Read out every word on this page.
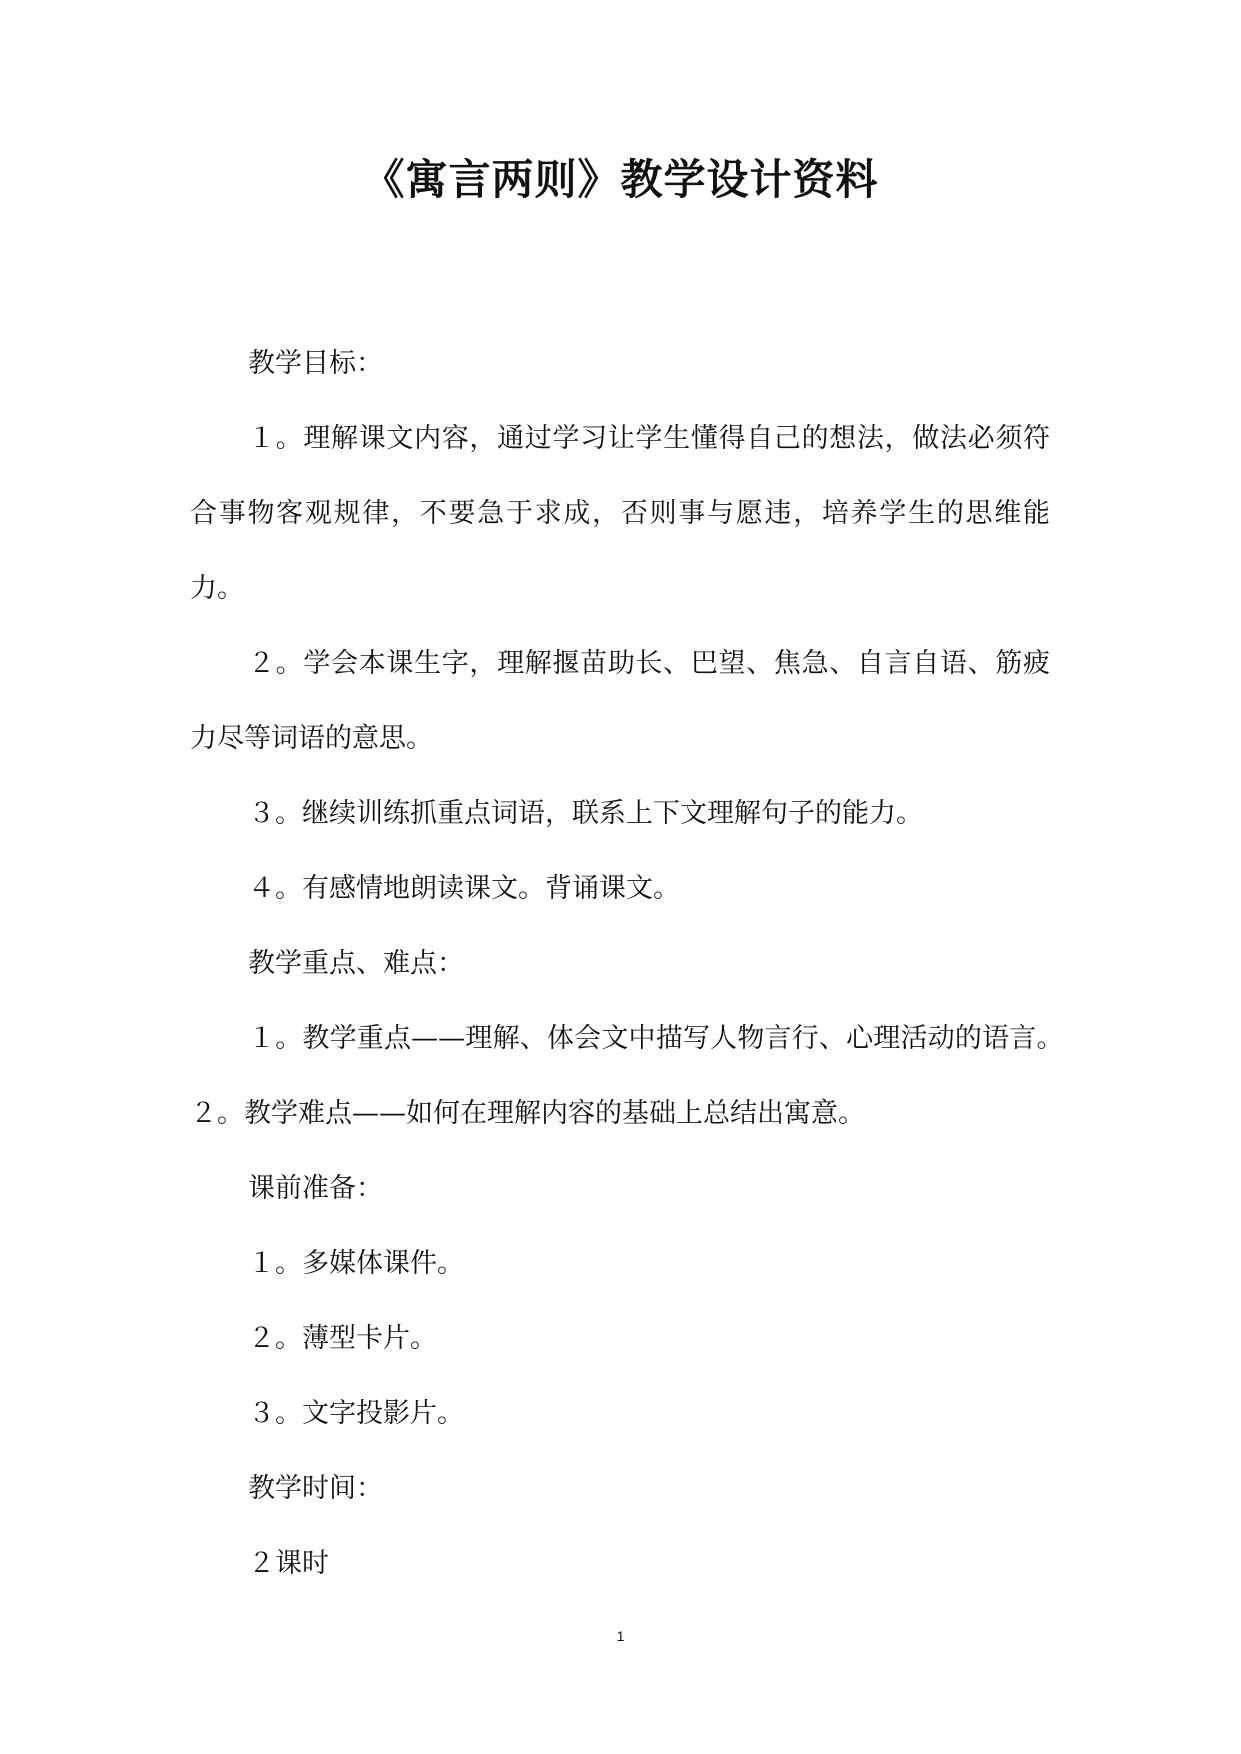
《寓言两则》教学设计资料

教学目标：

１。理解课文内容，通过学习让学生懂得自己的想法，做法必须符合事物客观规律，不要急于求成，否则事与愿违，培养学生的思维能力。

２。学会本课生字，理解揠苗助长、巴望、焦急、自言自语、筋疲力尽等词语的意思。

３。继续训练抓重点词语，联系上下文理解句子的能力。

４。有感情地朗读课文。背诵课文。

教学重点、难点：

１。教学重点——理解、体会文中描写人物言行、心理活动的语言。　　　２。教学难点——如何在理解内容的基础上总结出寓意。

课前准备：

１。多媒体课件。

２。薄型卡片。

３。文字投影片。

教学时间：

２课时

1
